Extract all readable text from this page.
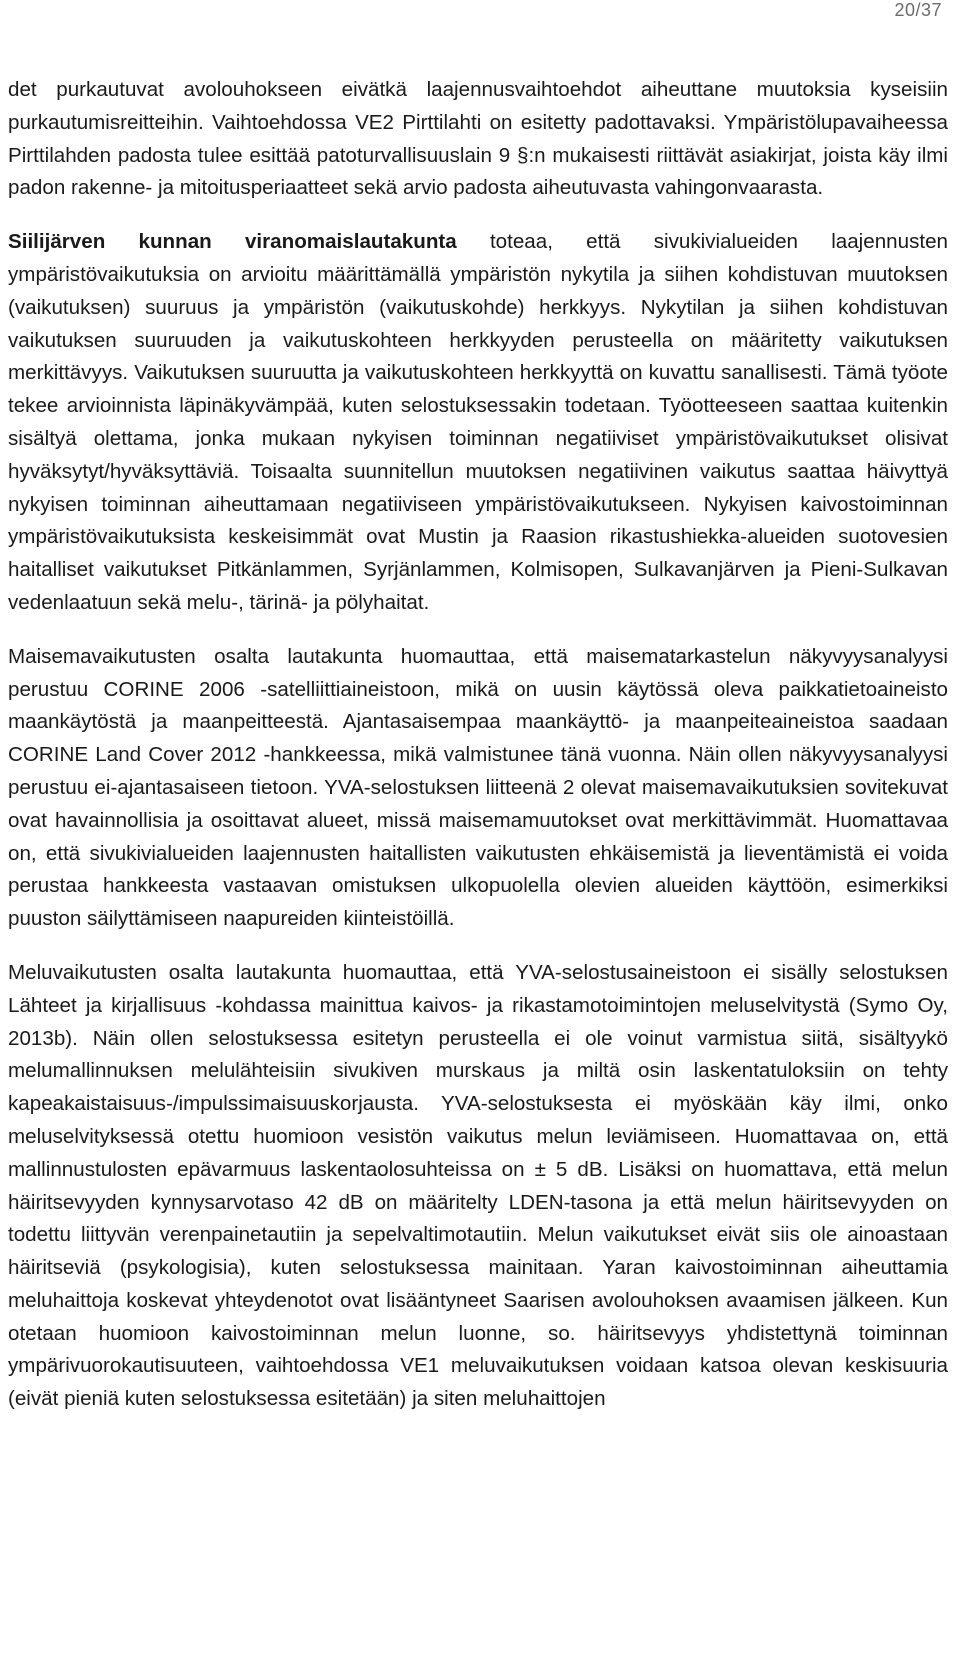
20/37

det purkautuvat avolouhokseen eivätkä laajennusvaihtoehdot aiheuttane muutoksia kyseisiin purkautumisreitteihin. Vaihtoehdossa VE2 Pirttilahti on esitetty padottavaksi. Ympäristölupavaiheessa Pirttilahden padosta tulee esittää patoturvallisuuslain 9 §:n mukaisesti riittävät asiakirjat, joista käy ilmi padon rakenne- ja mitoitusperiaatteet sekä arvio padosta aiheutuvasta vahingonvaarasta.

Siilijärven kunnan viranomaislautakunta toteaa, että sivukivialueiden laajennusten ympäristövaikutuksia on arvioitu määrittämällä ympäristön nykytila ja siihen kohdistuvan muutoksen (vaikutuksen) suuruus ja ympäristön (vaikutuskohde) herkkyys. Nykytilan ja siihen kohdistuvan vaikutuksen suuruuden ja vaikutuskohteen herkkyyden perusteella on määritetty vaikutuksen merkittävyys. Vaikutuksen suuruutta ja vaikutuskohteen herkkyyttä on kuvattu sanallisesti. Tämä työote tekee arvioinnista läpinäkyvämpää, kuten selostuksessakin todetaan. Työotteeseen saattaa kuitenkin sisältyä olettama, jonka mukaan nykyisen toiminnan negatiiviset ympäristövaikutukset olisivat hyväksytyt/hyväksyttäviä. Toisaalta suunnitellun muutoksen negatiivinen vaikutus saattaa häivyttyä nykyisen toiminnan aiheuttamaan negatiiviseen ympäristövaikutukseen. Nykyisen kaivostoiminnan ympäristövaikutuksista keskeisimmät ovat Mustin ja Raasion rikastushiekka-alueiden suotovesien haitalliset vaikutukset Pitkänlammen, Syrjänlammen, Kolmisopen, Sulkavanjärven ja Pieni-Sulkavan vedenlaatuun sekä melu-, tärinä- ja pölyhaitat.

Maisemavaikutusten osalta lautakunta huomauttaa, että maisematarkastelun näkyvyysanalyysi perustuu CORINE 2006 -satelliittiaineistoon, mikä on uusin käytössä oleva paikkatietoaineisto maankäytöstä ja maanpeitteestä. Ajantasaisempaa maankäyttö- ja maanpeiteaineistoa saadaan CORINE Land Cover 2012 -hankkeessa, mikä valmistunee tänä vuonna. Näin ollen näkyvyysanalyysi perustuu ei-ajantasaiseen tietoon. YVA-selostuksen liitteenä 2 olevat maisemavaikutuksien sovitekuvat ovat havainnollisia ja osoittavat alueet, missä maisemamuutokset ovat merkittävimmät. Huomattavaa on, että sivukivialueiden laajennusten haitallisten vaikutusten ehkäisemistä ja lieventämistä ei voida perustaa hankkeesta vastaavan omistuksen ulkopuolella olevien alueiden käyttöön, esimerkiksi puuston säilyttämiseen naapureiden kiinteistöillä.

Meluvaikutusten osalta lautakunta huomauttaa, että YVA-selostusaineistoon ei sisälly selostuksen Lähteet ja kirjallisuus -kohdassa mainittua kaivos- ja rikastamotoimintojen meluselvitystä (Symo Oy, 2013b). Näin ollen selostuksessa esitetyn perusteella ei ole voinut varmistua siitä, sisältyykö melumallinnuksen melulähteisiin sivukiven murskaus ja miltä osin laskentatuloksiin on tehty kapeakaistaisuus-/impulssimaisuuskorjausta. YVA-selostuksesta ei myöskään käy ilmi, onko meluselvityksessä otettu huomioon vesistön vaikutus melun leviämiseen. Huomattavaa on, että mallinnustulosten epävarmuus laskentaolosuhteissa on ± 5 dB. Lisäksi on huomattava, että melun häiritsevyyden kynnysarvotaso 42 dB on määritelty LDEN-tasona ja että melun häiritsevyyden on todettu liittyvän verenpainetautiin ja sepelvaltimotautiin. Melun vaikutukset eivät siis ole ainoastaan häiritseviä (psykologisia), kuten selostuksessa mainitaan. Yaran kaivostoiminnan aiheuttamia meluhaittoja koskevat yhteydenotot ovat lisääntyneet Saarisen avolouhoksen avaamisen jälkeen. Kun otetaan huomioon kaivostoiminnan melun luonne, so. häiritsevyys yhdistettynä toiminnan ympärivuorokautisuuteen, vaihtoehdossa VE1 meluvaikutuksen voidaan katsoa olevan keskisuuria (eivät pieniä kuten selostuksessa esitetään) ja siten meluhaittojen
